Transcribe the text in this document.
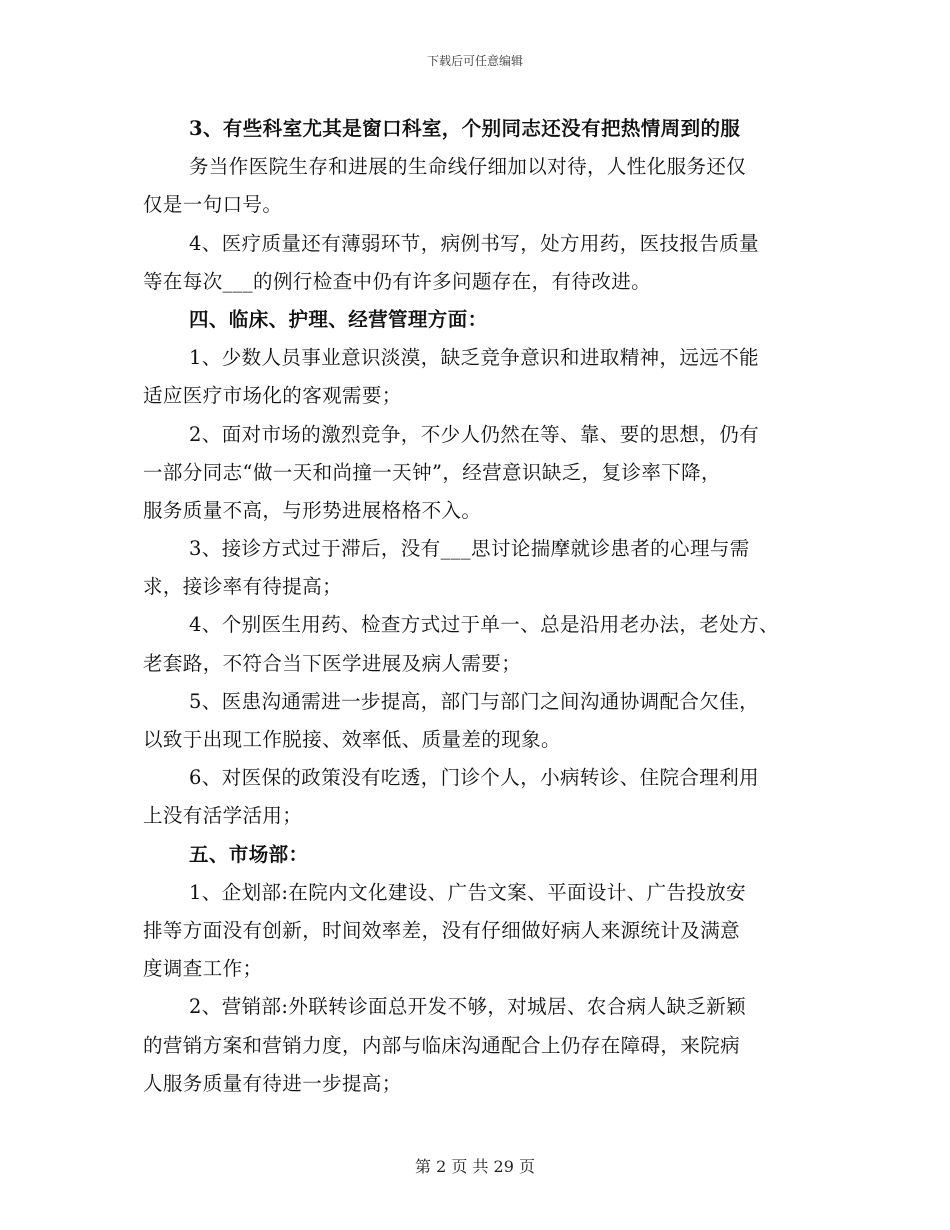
下载后可任意编辑
3、有些科室尤其是窗口科室，个别同志还没有把热情周到的服
务当作医院生存和进展的生命线仔细加以对待，人性化服务还仅
仅是一句口号。
4、医疗质量还有薄弱环节，病例书写，处方用药，医技报告质量
等在每次___的例行检查中仍有许多问题存在，有待改进。
四、临床、护理、经营管理方面：
1、少数人员事业意识淡漠，缺乏竞争意识和进取精神，远远不能
适应医疗市场化的客观需要；
2、面对市场的激烈竞争，不少人仍然在等、靠、要的思想，仍有
一部分同志“做一天和尚撞一天钟”，经营意识缺乏，复诊率下降，
服务质量不高，与形势进展格格不入。
3、接诊方式过于滞后，没有___思讨论揣摩就诊患者的心理与需
求，接诊率有待提高；
4、个别医生用药、检查方式过于单一、总是沿用老办法，老处方、
老套路，不符合当下医学进展及病人需要；
5、医患沟通需进一步提高，部门与部门之间沟通协调配合欠佳，
以致于出现工作脱接、效率低、质量差的现象。
6、对医保的政策没有吃透，门诊个人，小病转诊、住院合理利用
上没有活学活用；
五、市场部：
1、企划部:在院内文化建设、广告文案、平面设计、广告投放安
排等方面没有创新，时间效率差，没有仔细做好病人来源统计及满意
度调查工作；
2、营销部:外联转诊面总开发不够，对城居、农合病人缺乏新颖
的营销方案和营销力度，内部与临床沟通配合上仍存在障碍，来院病
人服务质量有待进一步提高；
第 2 页 共 29 页
